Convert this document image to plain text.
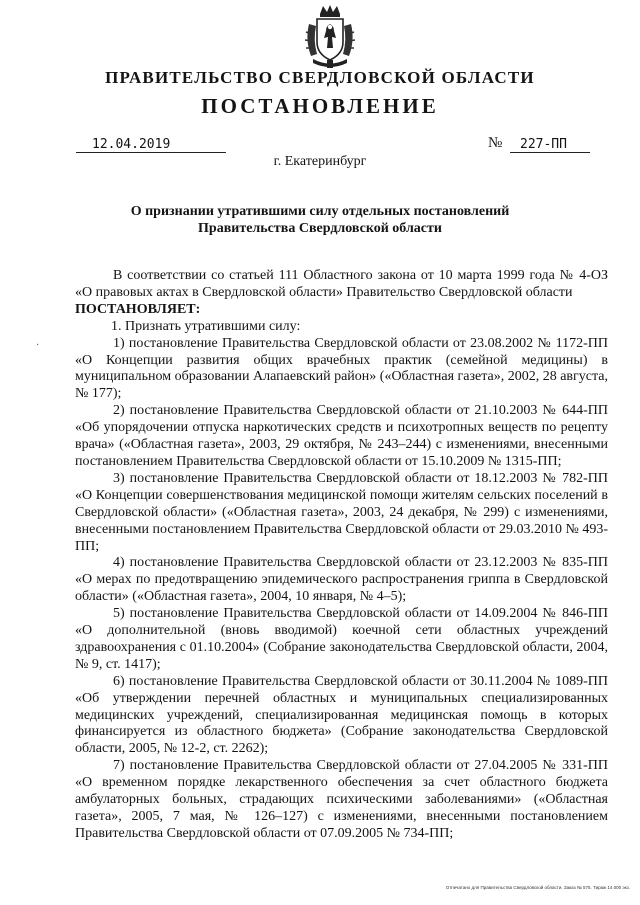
ПРАВИТЕЛЬСТВО СВЕРДЛОВСКОЙ ОБЛАСТИ
ПОСТАНОВЛЕНИЕ
12.04.2019	№	227-ПП
г. Екатеринбург
О признании утратившими силу отдельных постановлений
Правительства Свердловской области
·

В соответствии со статьей 111 Областного закона от 10 марта 1999 года № 4-ОЗ «О правовых актах в Свердловской области» Правительство Свердловской области

ПОСТАНОВЛЯЕТ:

1. Признать утратившими силу:

1) постановление Правительства Свердловской области от 23.08.2002 № 1172-ПП «О Концепции развития общих врачебных практик (семейной медицины) в муниципальном образовании Алапаевский район» («Областная газета», 2002, 28 августа, № 177);

2) постановление Правительства Свердловской области от 21.10.2003 № 644-ПП «Об упорядочении отпуска наркотических средств и психотропных веществ по рецепту врача» («Областная газета», 2003, 29 октября, № 243–244) с изменениями, внесенными постановлением Правительства Свердловской области от 15.10.2009 № 1315-ПП;

3) постановление Правительства Свердловской области от 18.12.2003 № 782-ПП «О Концепции совершенствования медицинской помощи жителям сельских поселений в Свердловской области» («Областная газета», 2003, 24 декабря, № 299) с изменениями, внесенными постановлением Правительства Свердловской области от 29.03.2010 № 493-ПП;

4) постановление Правительства Свердловской области от 23.12.2003 № 835-ПП «О мерах по предотвращению эпидемического распространения гриппа в Свердловской области» («Областная газета», 2004, 10 января, № 4–5);

5) постановление Правительства Свердловской области от 14.09.2004 № 846-ПП «О дополнительной (вновь вводимой) коечной сети областных учреждений здравоохранения с 01.10.2004» (Собрание законодательства Свердловской области, 2004, № 9, ст. 1417);

6) постановление Правительства Свердловской области от 30.11.2004 № 1089-ПП «Об утверждении перечней областных и муниципальных специализированных медицинских учреждений, специализированная медицинская помощь в которых финансируется из областного бюджета» (Собрание законодательства Свердловской области, 2005, № 12-2, ст. 2262);

7) постановление Правительства Свердловской области от 27.04.2005 № 331-ПП «О временном порядке лекарственного обеспечения за счет областного бюджета амбулаторных больных, страдающих психическими заболеваниями» («Областная газета», 2005, 7 мая, № 126–127) с изменениями, внесенными постановлением Правительства Свердловской области от 07.09.2005 № 734-ПП;

Отпечатано для Правительства Свердловской области. Заказ № 575. Тираж 14 000 экз.
